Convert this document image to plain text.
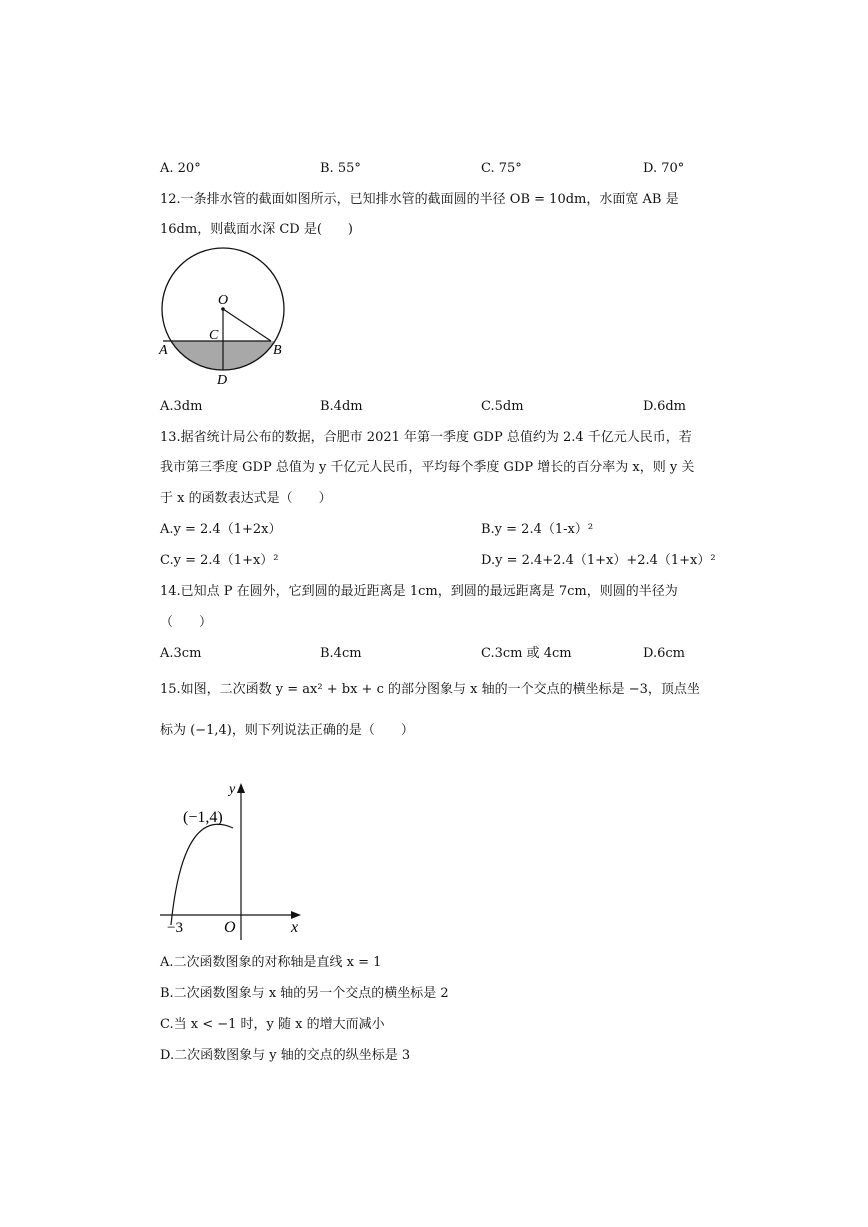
A. 20°	B. 55°	C. 75°	D. 70°
12.一条排水管的截面如图所示，已知排水管的截面圆的半径 OB = 10dm，水面宽 AB 是
16dm，则截面水深 CD 是(　　)
O
C
A	B
D
A.3dm	B.4dm	C.5dm	D.6dm
13.据省统计局公布的数据，合肥市 2021 年第一季度 GDP 总值约为 2.4 千亿元人民币，若
我市第三季度 GDP 总值为 y 千亿元人民币，平均每个季度 GDP 增长的百分率为 x，则 y 关
于 x 的函数表达式是（　　）
A.y = 2.4（1+2x）	B.y = 2.4（1-x）²
C.y = 2.4（1+x）²	D.y = 2.4+2.4（1+x）+2.4（1+x）²
14.已知点 P 在圆外，它到圆的最近距离是 1cm，到圆的最远距离是 7cm，则圆的半径为
（　　）
A.3cm	B.4cm	C.3cm 或 4cm	D.6cm
15.如图，二次函数 y = ax² + bx + c 的部分图象与 x 轴的一个交点的横坐标是 −3，顶点坐
标为 (−1,4)，则下列说法正确的是（　　）
(−1,4)
y
x
O
−3
A.二次函数图象的对称轴是直线 x = 1
B.二次函数图象与 x 轴的另一个交点的横坐标是 2
C.当 x < −1 时，y 随 x 的增大而减小
D.二次函数图象与 y 轴的交点的纵坐标是 3
